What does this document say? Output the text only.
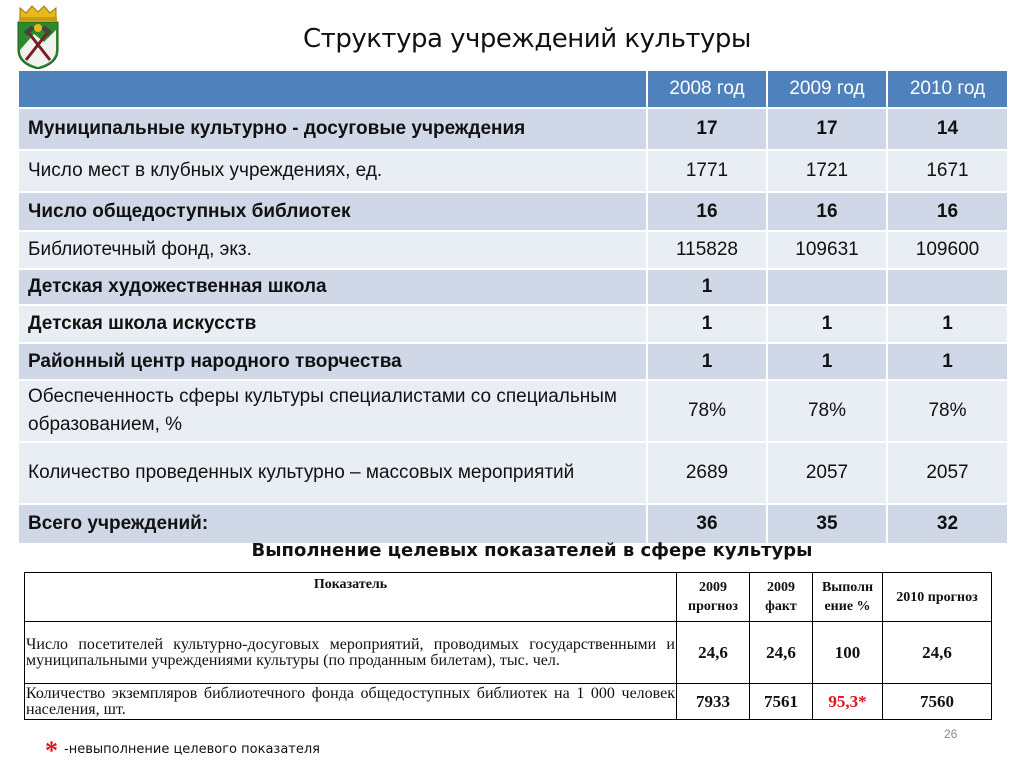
Структура учреждений культуры
	2008 год	2009 год	2010 год
Муниципальные культурно - досуговые учреждения	17	17	14
Число мест в клубных учреждениях, ед.	1771	1721	1671
Число общедоступных библиотек	16	16	16
Библиотечный фонд, экз.	115828	109631	109600
Детская художественная школа	1		
Детская школа искусств	1	1	1
Районный центр народного творчества	1	1	1
Обеспеченность сферы культуры специалистами со специальным образованием, %	78%	78%	78%
Количество проведенных культурно – массовых мероприятий	2689	2057	2057
Всего учреждений:	36	35	32
Выполнение целевых показателей в сфере культуры
Показатель	2009 прогноз	2009 факт	Выполн ение %	2010 прогноз
Число посетителей культурно-досуговых мероприятий, проводимых государственными и муниципальными учреждениями культуры (по проданным билетам), тыс. чел.	24,6	24,6	100	24,6
Количество экземпляров библиотечного фонда общедоступных библиотек на 1 000 человек населения, шт.	7933	7561	95,3*	7560
26
* -невыполнение целевого показателя
